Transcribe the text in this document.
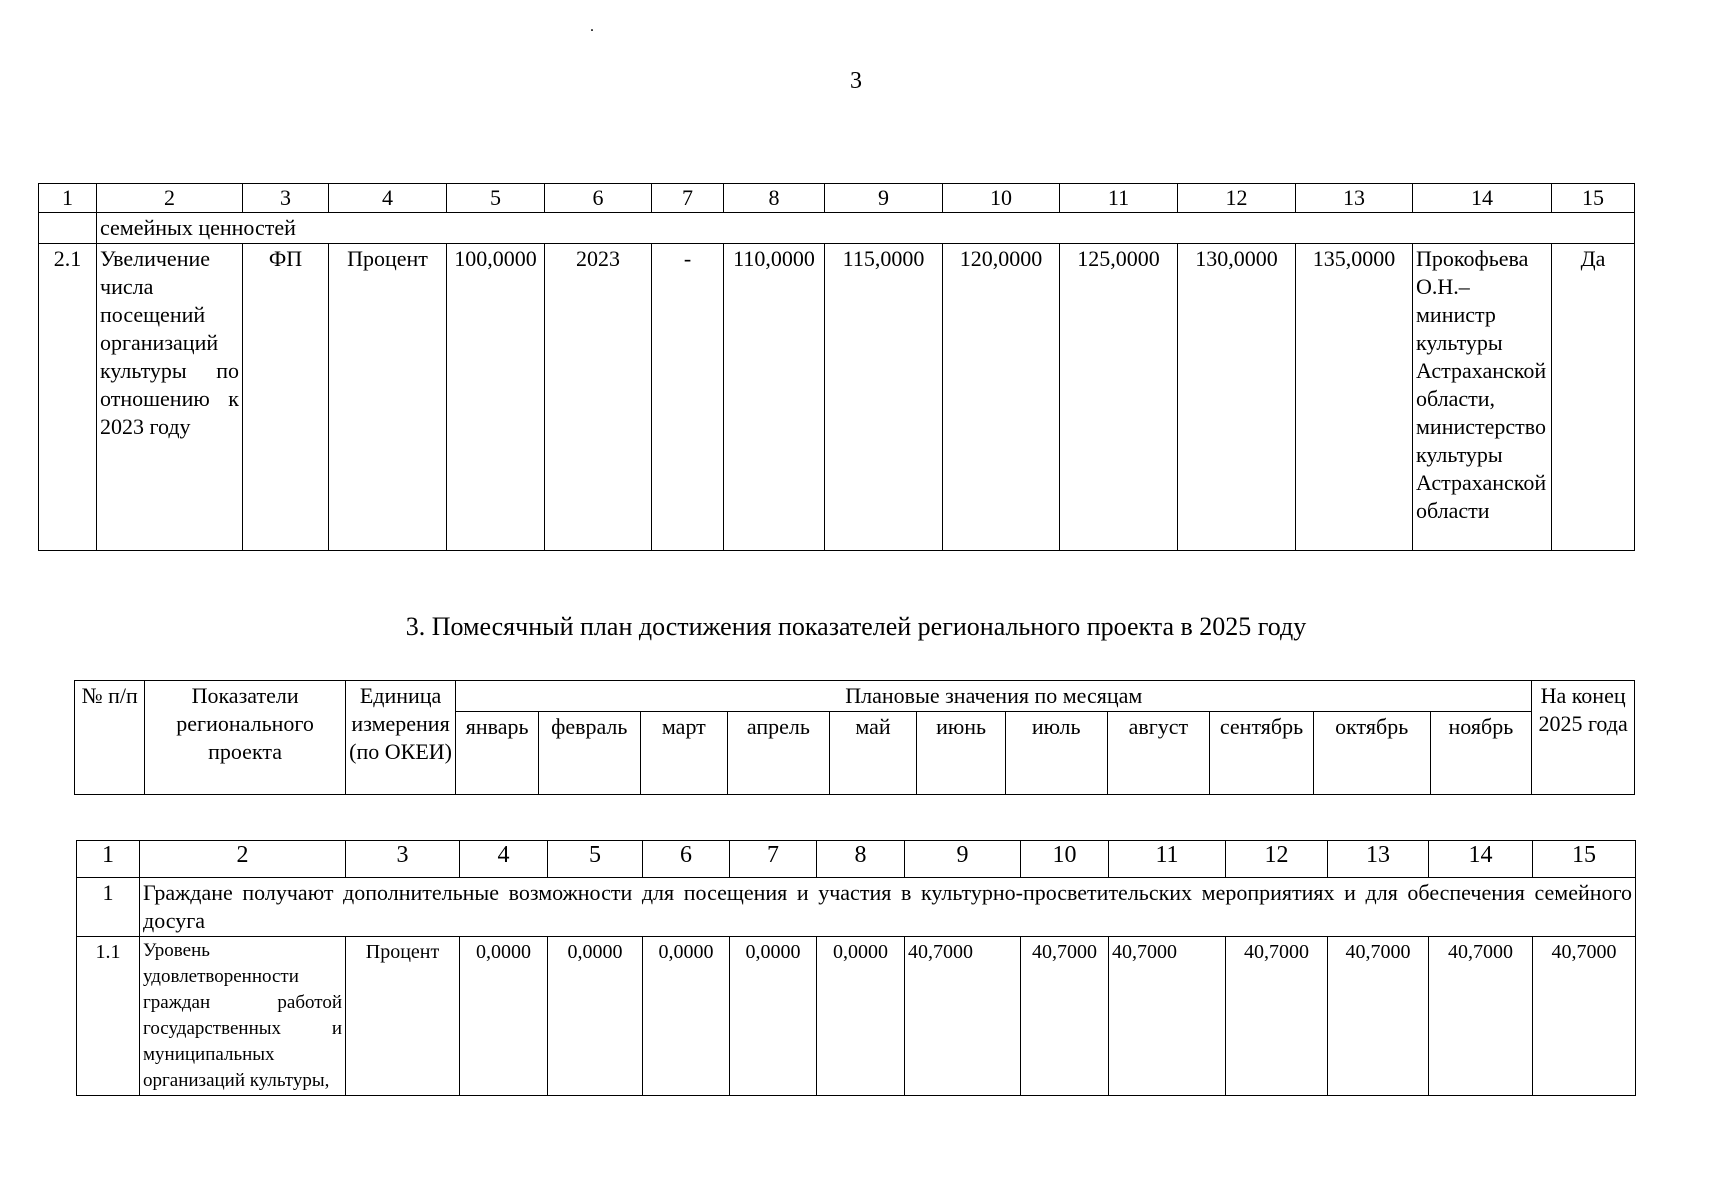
.
3
1	2	3	4	5	6	7	8	9	10	11	12	13	14	15
	семейных ценностей													
2.1	Увеличение числа посещений организаций культуры по отношению к 2023 году	ФП	Процент	100,0000	2023	-	110,0000	115,0000	120,0000	125,0000	130,0000	135,0000	Прокофьева О.Н.– министр культуры Астраханской области, министерство культуры Астраханской области	Да
3. Помесячный план достижения показателей регионального проекта в 2025 году
№ п/п	Показатели регионального проекта	Единица измерения (по ОКЕИ)	Плановые значения по месяцам											На конец 2025 года
			январь	февраль	март	апрель	май	июнь	июль	август	сентябрь	октябрь	ноябрь	
1	2	3	4	5	6	7	8	9	10	11	12	13	14	15
1	Граждане получают дополнительные возможности для посещения и участия в культурно-просветительских мероприятиях и для обеспечения семейного досуга													
1.1	Уровень удовлетворенности граждан работой государственных и муниципальных организаций культуры,	Процент	0,0000	0,0000	0,0000	0,0000	0,0000	40,7000	40,7000	40,7000	40,7000	40,7000	40,7000	40,7000
